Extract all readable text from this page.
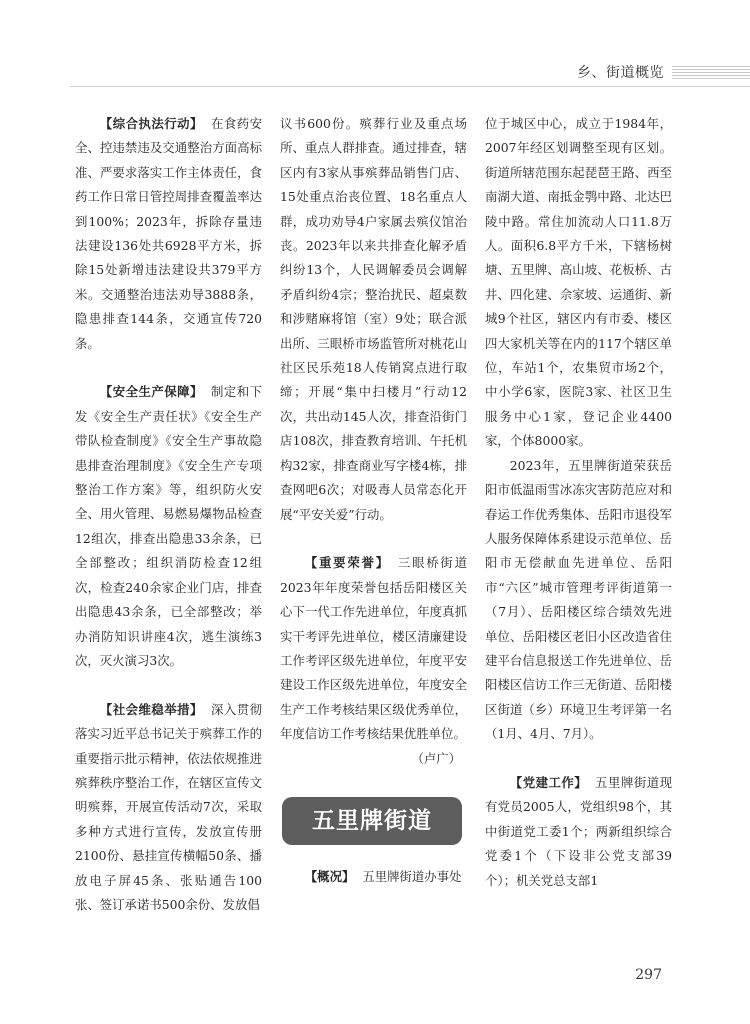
乡、街道概览

【综合执法行动】 在食药安全、控违禁违及交通整治方面高标准、严要求落实工作主体责任，食药工作日常日管控周排查覆盖率达到100%；2023年，拆除存量违法建设136处共6928平方米，拆除15处新增违法建设共379平方米。交通整治违法劝导3888条，隐患排查144条，交通宣传720条。

【安全生产保障】 制定和下发《安全生产责任状》《安全生产带队检查制度》《安全生产事故隐患排查治理制度》《安全生产专项整治工作方案》等，组织防火安全、用火管理、易燃易爆物品检查12组次，排查出隐患33余条，已全部整改；组织消防检查12组次，检查240余家企业门店，排查出隐患43余条，已全部整改；举办消防知识讲座4次，逃生演练3次，灭火演习3次。

【社会维稳举措】 深入贯彻落实习近平总书记关于殡葬工作的重要指示批示精神，依法依规推进殡葬秩序整治工作，在辖区宣传文明殡葬，开展宣传活动7次，采取多种方式进行宣传，发放宣传册2100份、悬挂宣传横幅50条、播放电子屏45条、张贴通告100张、签订承诺书500余份、发放倡

议书600份。殡葬行业及重点场所、重点人群排查。通过排查，辖区内有3家从事殡葬品销售门店、15处重点治丧位置、18名重点人群，成功劝导4户家属去殡仪馆治丧。2023年以来共排查化解矛盾纠纷13个，人民调解委员会调解矛盾纠纷4宗；整治扰民、超桌数和涉赌麻将馆（室）9处；联合派出所、三眼桥市场监管所对桃花山社区民乐苑18人传销窝点进行取缔；开展“集中扫楼月”行动12次，共出动145人次，排查沿街门店108次，排查教育培训、午托机构32家，排查商业写字楼4栋，排查网吧6次；对吸毒人员常态化开展“平安关爱”行动。

【重要荣誉】 三眼桥街道2023年年度荣誉包括岳阳楼区关心下一代工作先进单位，年度真抓实干考评先进单位，楼区清廉建设工作考评区级先进单位，年度平安建设工作区级先进单位，年度安全生产工作考核结果区级优秀单位，年度信访工作考核结果优胜单位。

（卢广）

五里牌街道

【概况】 五里牌街道办事处

位于城区中心，成立于1984年，2007年经区划调整至现有区划。街道所辖范围东起琵琶王路、西至南湖大道、南抵金鹗中路、北达巴陵中路。常住加流动人口11.8万人。面积6.8平方千米，下辖杨树塘、五里牌、高山坡、花板桥、古井、四化建、佘家坡、运通街、新城9个社区，辖区内有市委、楼区四大家机关等在内的117个辖区单位，车站1个，农集贸市场2个，中小学6家，医院3家、社区卫生服务中心1家，登记企业4400家，个体8000家。

2023年，五里牌街道荣获岳阳市低温雨雪冰冻灾害防范应对和春运工作优秀集体、岳阳市退役军人服务保障体系建设示范单位、岳阳市无偿献血先进单位、岳阳市“六区”城市管理考评街道第一（7月）、岳阳楼区综合绩效先进单位、岳阳楼区老旧小区改造省住建平台信息报送工作先进单位、岳阳楼区信访工作三无街道、岳阳楼区街道（乡）环境卫生考评第一名（1月、4月、7月）。

【党建工作】 五里牌街道现有党员2005人，党组织98个，其中街道党工委1个；两新组织综合党委1个（下设非公党支部39个）；机关党总支部1

297
